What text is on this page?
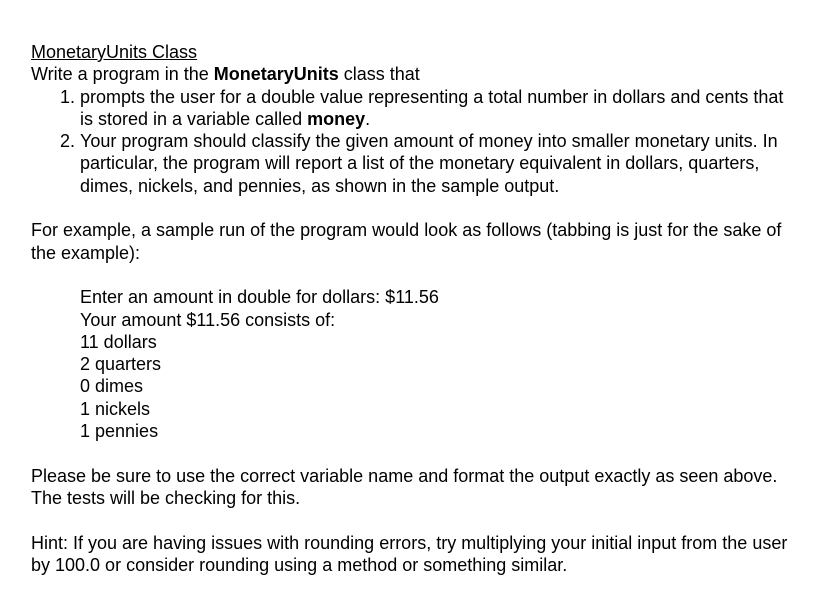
MonetaryUnits Class

Write a program in the MonetaryUnits class that

1. prompts the user for a double value representing a total number in dollars and cents that is stored in a variable called money.
2. Your program should classify the given amount of money into smaller monetary units. In particular, the program will report a list of the monetary equivalent in dollars, quarters, dimes, nickels, and pennies, as shown in the sample output.

For example, a sample run of the program would look as follows (tabbing is just for the sake of the example):

Enter an amount in double for dollars: $11.56
Your amount $11.56 consists of:
11 dollars
2 quarters
0 dimes
1 nickels
1 pennies

Please be sure to use the correct variable name and format the output exactly as seen above. The tests will be checking for this.

Hint: If you are having issues with rounding errors, try multiplying your initial input from the user by 100.0 or consider rounding using a method or something similar.
